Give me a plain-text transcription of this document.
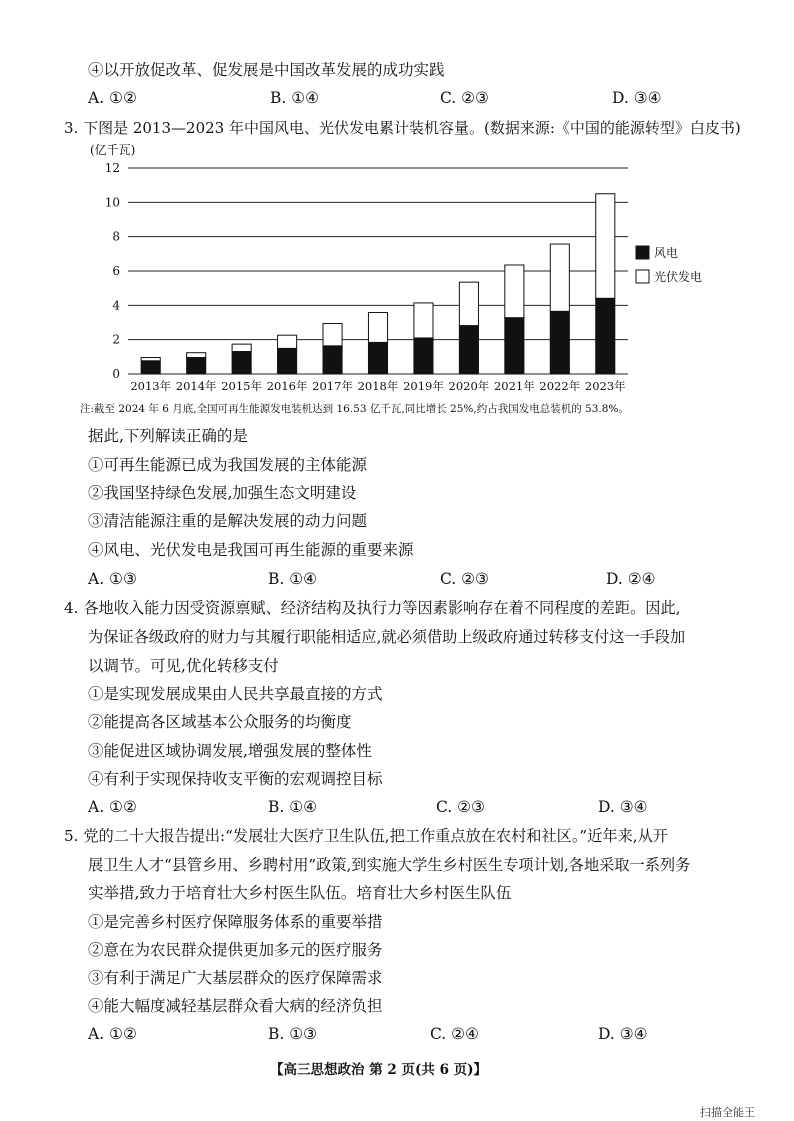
④以开放促改革、促发展是中国改革发展的成功实践
A. ①②	B. ①④	C. ②③	D. ③④
3. 下图是 2013—2023 年中国风电、光伏发电累计装机容量。(数据来源:《中国的能源转型》白皮书)
0
2
4
6
8
10
12
2013年 2014年 2015年 2016年 2017年 2018年 2019年 2020年 2021年 2022年 2023年
(亿千瓦)
风电
光伏发电
注:截至 2024 年 6 月底,全国可再生能源发电装机达到 16.53 亿千瓦,同比增长 25%,约占我国发电总装机的 53.8%。
据此,下列解读正确的是
①可再生能源已成为我国发展的主体能源
②我国坚持绿色发展,加强生态文明建设
③清洁能源注重的是解决发展的动力问题
④风电、光伏发电是我国可再生能源的重要来源
A. ①③	B. ①④	C. ②③	D. ②④
4. 各地收入能力因受资源禀赋、经济结构及执行力等因素影响存在着不同程度的差距。因此,
为保证各级政府的财力与其履行职能相适应,就必须借助上级政府通过转移支付这一手段加
以调节。可见,优化转移支付
①是实现发展成果由人民共享最直接的方式
②能提高各区域基本公众服务的均衡度
③能促进区域协调发展,增强发展的整体性
④有利于实现保持收支平衡的宏观调控目标
A. ①②	B. ①④	C. ②③	D. ③④
5. 党的二十大报告提出:“发展壮大医疗卫生队伍,把工作重点放在农村和社区。”近年来,从开
展卫生人才“县管乡用、乡聘村用”政策,到实施大学生乡村医生专项计划,各地采取一系列务
实举措,致力于培育壮大乡村医生队伍。培育壮大乡村医生队伍
①是完善乡村医疗保障服务体系的重要举措
②意在为农民群众提供更加多元的医疗服务
③有利于满足广大基层群众的医疗保障需求
④能大幅度减轻基层群众看大病的经济负担
A. ①②	B. ①③	C. ②④	D. ③④
【高三思想政治 第 2 页(共 6 页)】
扫描全能王
